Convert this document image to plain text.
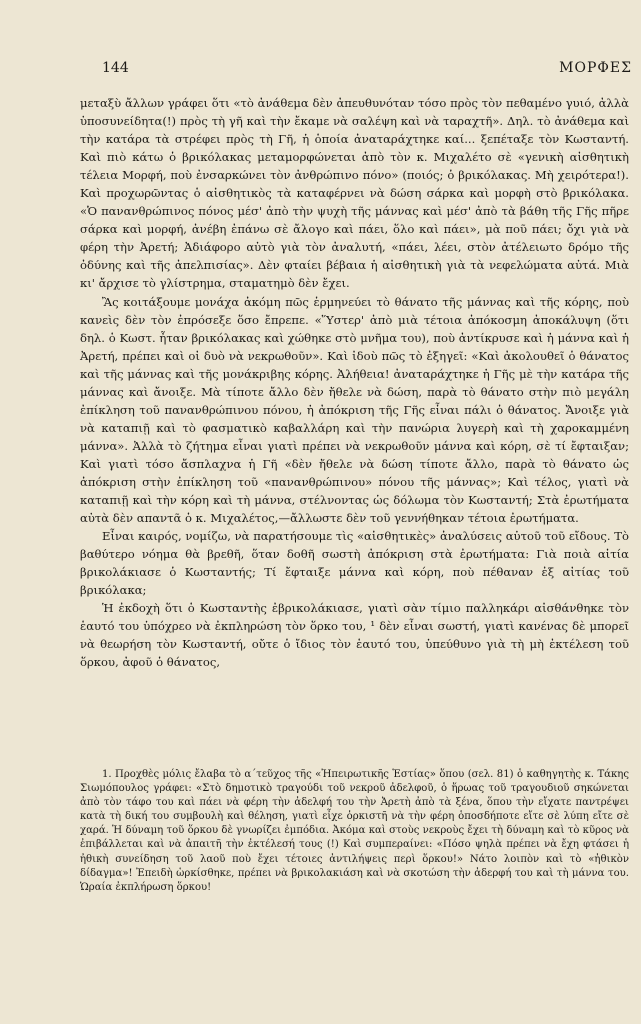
144	ΜΟΡΦΕΣ

μεταξὺ ἄλλων γράφει ὅτι «τὸ ἀνάθεμα δὲν ἀπευθυνόταν τόσο πρὸς τὸν πεθαμένο γυιό, ἀλλὰ ὑποσυνείδητα(!) πρὸς τὴ γῆ καὶ τὴν ἔκαμε νὰ σαλέψη καὶ νὰ ταραχτῆ». Δηλ. τὸ ἀνάθεμα καὶ τὴν κατάρα τὰ στρέφει πρὸς τὴ Γῆ, ἡ ὁποία ἀναταράχτηκε καί... ξεπέταξε τὸν Κωσταντή. Καὶ πιὸ κάτω ὁ βρικόλακας μεταμορφώνεται ἀπὸ τὸν κ. Μιχαλέτο σὲ «γενικὴ αἰσθητικὴ τέλεια Μορφή, ποὺ ἐνσαρκώνει τὸν ἀνθρώπινο πόνο» (ποιός; ὁ βρικόλακας. Μὴ χειρότερα!). Καὶ προχωρῶντας ὁ αἰσθητικὸς τὰ καταφέρνει νὰ δώση σάρκα καὶ μορφὴ στὸ βρικόλακα. «Ὁ πανανθρώπινος πόνος μέσ' ἀπὸ τὴν ψυχὴ τῆς μάννας καὶ μέσ' ἀπὸ τὰ βάθη τῆς Γῆς πῆρε σάρκα καὶ μορφή, ἀνέβη ἐπάνω σὲ ἄλογο καὶ πάει, ὅλο καὶ πάει», μὰ ποῦ πάει; ὄχι γιὰ νὰ φέρη τὴν Ἀρετή; Ἀδιάφορο αὐτὸ γιὰ τὸν ἀναλυτή, «πάει, λέει, στὸν ἀτέλειωτο δρόμο τῆς ὀδύνης καὶ τῆς ἀπελπισίας». Δὲν φταίει βέβαια ἡ αἰσθητικὴ γιὰ τὰ νεφελώματα αὐτά. Μιὰ κι' ἄρχισε τὸ γλίστρημα, σταματημὸ δὲν ἔχει.

Ἂς κοιτάξουμε μονάχα ἀκόμη πῶς ἑρμηνεύει τὸ θάνατο τῆς μάννας καὶ τῆς κόρης, ποὺ κανεὶς δὲν τὸν ἐπρόσεξε ὅσο ἔπρεπε. «Ὕστερ' ἀπὸ μιὰ τέτοια ἀπόκοσμη ἀποκάλυψη (ὅτι δηλ. ὁ Κωστ. ἦταν βρικόλακας καὶ χώθηκε στὸ μνῆμα του), ποὺ ἀντίκρυσε καὶ ἡ μάννα καὶ ἡ Ἀρετή, πρέπει καὶ οἱ δυὸ νὰ νεκρωθοῦν». Καὶ ἰδοὺ πῶς τὸ ἐξηγεῖ: «Καὶ ἀκολουθεῖ ὁ θάνατος καὶ τῆς μάννας καὶ τῆς μονάκριβης κόρης. Ἀλήθεια! ἀναταράχτηκε ἡ Γῆς μὲ τὴν κατάρα τῆς μάννας καὶ ἄνοιξε. Μὰ τίποτε ἄλλο δὲν ἤθελε νὰ δώση, παρὰ τὸ θάνατο στὴν πιὸ μεγάλη ἐπίκληση τοῦ πανανθρώπινου πόνου, ἡ ἀπόκριση τῆς Γῆς εἶναι πάλι ὁ θάνατος. Ἄνοιξε γιὰ νὰ καταπιῇ καὶ τὸ φασματικὸ καβαλλάρη καὶ τὴν πανώρια λυγερὴ καὶ τὴ χαροκαμμένη μάννα». Ἀλλὰ τὸ ζήτημα εἶναι γιατὶ πρέπει νὰ νεκρωθοῦν μάννα καὶ κόρη, σὲ τί ἔφταιξαν; Καὶ γιατὶ τόσο ἄσπλαχνα ἡ Γῆ «δὲν ἤθελε νὰ δώση τίποτε ἄλλο, παρὰ τὸ θάνατο ὡς ἀπόκριση στὴν ἐπίκληση τοῦ «πανανθρώπινου» πόνου τῆς μάννας»; Καὶ τέλος, γιατὶ νὰ καταπιῇ καὶ τὴν κόρη καὶ τὴ μάννα, στέλνοντας ὡς δόλωμα τὸν Κωσταντή; Στὰ ἐρωτήματα αὐτὰ δὲν απαντᾶ ὁ κ. Μιχαλέτος,—ἄλλωστε δὲν τοῦ γεννήθηκαν τέτοια ἐρωτήματα.

Εἶναι καιρός, νομίζω, νὰ παρατήσουμε τὶς «αἰσθητικὲς» ἀναλύσεις αὐτοῦ τοῦ εἴδους. Τὸ βαθύτερο νόημα θὰ βρεθῆ, ὅταν δοθῆ σωστὴ ἀπόκριση στὰ ἐρωτήματα: Γιὰ ποιὰ αἰτία βρικολάκιασε ὁ Κωσταντής; Τί ἔφταιξε μάννα καὶ κόρη, ποὺ πέθαναν ἐξ αἰτίας τοῦ βρικόλακα;

Ἡ ἐκδοχὴ ὅτι ὁ Κωσταντὴς ἐβρικολάκιασε, γιατὶ σὰν τίμιο παλληκάρι αἰσθάνθηκε τὸν ἑαυτό του ὑπόχρεο νὰ ἐκπληρώση τὸν ὅρκο του, ¹ δὲν εἶναι σωστή, γιατὶ κανένας δὲ μπορεῖ νὰ θεωρήση τὸν Κωσταντή, οὔτε ὁ ἴδιος τὸν ἑαυτό του, ὑπεύθυνο γιὰ τὴ μὴ ἐκτέλεση τοῦ ὅρκου, ἀφοῦ ὁ θάνατος,

1. Προχθὲς μόλις ἔλαβα τὸ α΄τεῦχος τῆς «Ἠπειρωτικῆς Ἑστίας» ὅπου (σελ. 81) ὁ καθηγητὴς κ. Τάκης Σιωμόπουλος γράφει: «Στὸ δημοτικὸ τραγούδι τοῦ νεκροῦ ἀδελφοῦ, ὁ ἥρωας τοῦ τραγουδιοῦ σηκώνεται ἀπὸ τὸν τάφο του καὶ πάει νὰ φέρη τὴν ἀδελφή του τὴν Ἀρετὴ ἀπὸ τὰ ξένα, ὅπου τὴν εἴχατε παντρέψει κατὰ τὴ δική του συμβουλὴ καὶ θέληση, γιατὶ εἶχε ὁρκιστῆ νὰ τὴν φέρη ὁποσδήποτε εἴτε σὲ λύπη εἴτε σὲ χαρά. Ἡ δύναμη τοῦ ὅρκου δὲ γνωρίζει ἐμπόδια. Ἀκόμα καὶ στοὺς νεκροὺς ἔχει τὴ δύναμη καὶ τὸ κῦρος νὰ ἐπιβάλλεται καὶ νὰ ἀπαιτῆ τὴν ἐκτέλεσή τους (!) Καὶ συμπεραίνει: «Πόσο ψηλὰ πρέπει νὰ ἔχη φτάσει ἡ ἠθικὴ συνείδηση τοῦ λαοῦ ποὺ ἔχει τέτοιες ἀντιλήψεις περὶ ὅρκου!» Νάτο λοιπὸν καὶ τὸ «ἠθικὸν δίδαγμα»! Ἐπειδὴ ὡρκίσθηκε, πρέπει νὰ βρικολακιάση καὶ νὰ σκοτώση τὴν ἀδερφή του καὶ τὴ μάννα του. Ὡραία ἐκπλήρωση ὅρκου!
